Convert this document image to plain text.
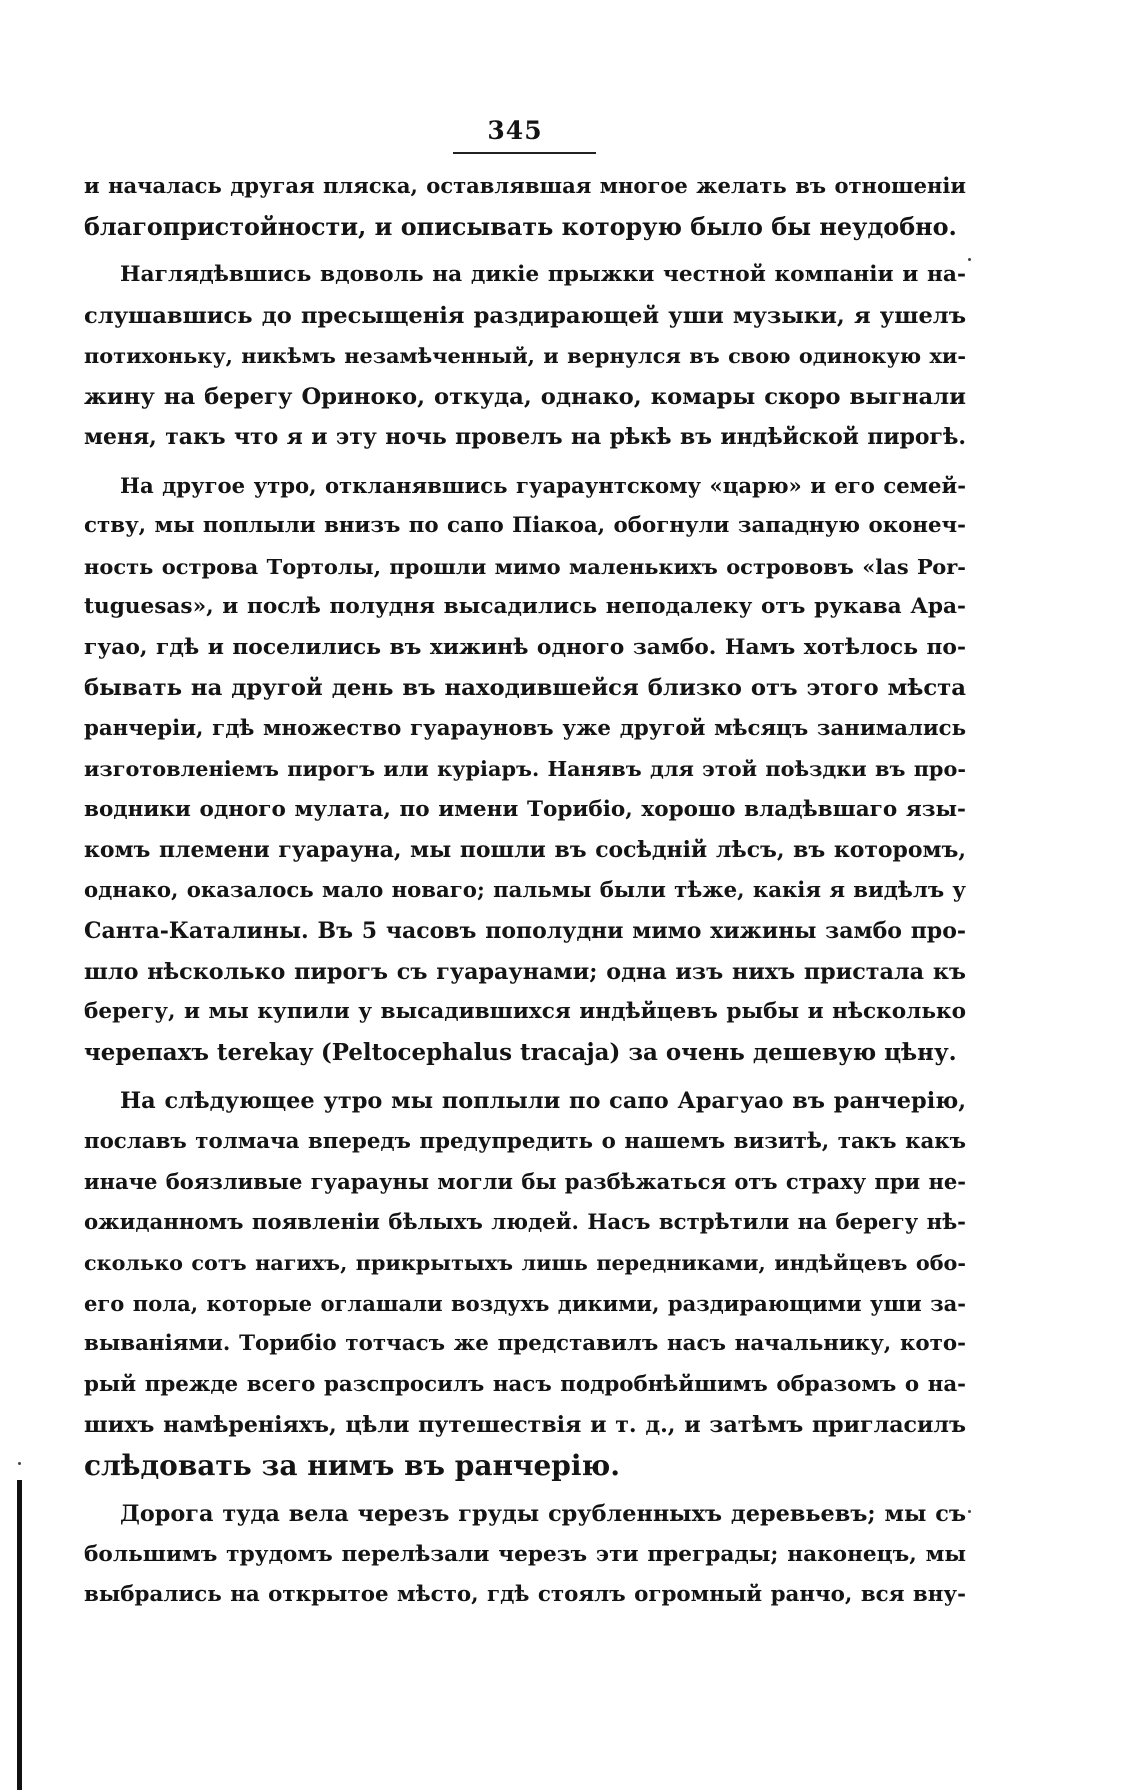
345
и началась другая пляска, оставлявшая многое желать въ отношеніи
благопристойности, и описывать которую было бы неудобно.
Наглядѣвшись вдоволь на дикіе прыжки честной компаніи и на-
слушавшись до пресыщенія раздирающей уши музыки, я ушелъ
потихоньку, никѣмъ незамѣченный, и вернулся въ свою одинокую хи-
жину на берегу Ориноко, откуда, однако, комары скоро выгнали
меня, такъ что я и эту ночь провелъ на рѣкѣ въ индѣйской пирогѣ.
На другое утро, откланявшись гуараунтскому «царю» и его семей-
ству, мы поплыли внизъ по сапо Піакоа, обогнули западную оконеч-
ность острова Тортолы, прошли мимо маленькихъ острововъ «las Por-
tuguesas», и послѣ полудня высадились неподалеку отъ рукава Ара-
гуао, гдѣ и поселились въ хижинѣ одного замбо. Намъ хотѣлось по-
бывать на другой день въ находившейся близко отъ этого мѣста
ранчеріи, гдѣ множество гуарауновъ уже другой мѣсяцъ занимались
изготовленіемъ пирогъ или куріаръ. Нанявъ для этой поѣздки въ про-
водники одного мулата, по имени Торибіо, хорошо владѣвшаго язы-
комъ племени гуарауна, мы пошли въ сосѣдній лѣсъ, въ которомъ,
однако, оказалось мало новаго; пальмы были тѣже, какія я видѣлъ у
Санта-Каталины. Въ 5 часовъ пополудни мимо хижины замбо про-
шло нѣсколько пирогъ съ гуараунами; одна изъ нихъ пристала къ
берегу, и мы купили у высадившихся индѣйцевъ рыбы и нѣсколько
черепахъ terekay (Peltocephalus tracaja) за очень дешевую цѣну.
На слѣдующее утро мы поплыли по сапо Арагуао въ ранчерію,
пославъ толмача впередъ предупредить о нашемъ визитѣ, такъ какъ
иначе боязливые гуарауны могли бы разбѣжаться отъ страху при не-
ожиданномъ появленіи бѣлыхъ людей. Насъ встрѣтили на берегу нѣ-
сколько сотъ нагихъ, прикрытыхъ лишь передниками, индѣйцевъ обо-
его пола, которые оглашали воздухъ дикими, раздирающими уши за-
вываніями. Торибіо тотчасъ же представилъ насъ начальнику, кото-
рый прежде всего разспросилъ насъ подробнѣйшимъ образомъ о на-
шихъ намѣреніяхъ, цѣли путешествія и т. д., и затѣмъ пригласилъ
слѣдовать за нимъ въ ранчерію.
Дорога туда вела черезъ груды срубленныхъ деревьевъ; мы съ
большимъ трудомъ перелѣзали черезъ эти преграды; наконецъ, мы
выбрались на открытое мѣсто, гдѣ стоялъ огромный ранчо, вся вну-
